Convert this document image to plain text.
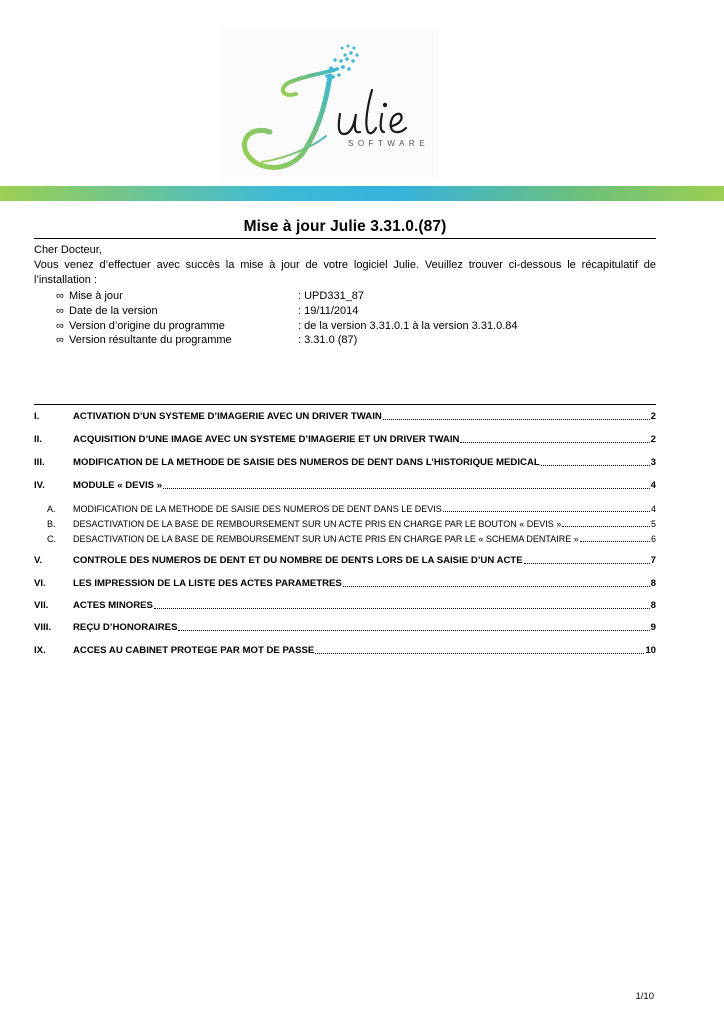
SOFTWARE
Mise à jour Julie 3.31.0.(87)

Cher Docteur,

Vous venez d’effectuer avec succès la mise à jour de votre logiciel Julie. Veuillez trouver ci-dessous le récapitulatif de l’installation :

∞ Mise à jour	: UPD331_87
∞ Date de la version	: 19/11/2014
∞ Version d’origine du programme	: de la version 3.31.0.1 à la version 3.31.0.84
∞ Version résultante du programme	: 3.31.0 (87)
I.	ACTIVATION D’UN SYSTEME D’IMAGERIE AVEC UN DRIVER TWAIN	2
II.	ACQUISITION D’UNE IMAGE AVEC UN SYSTEME D’IMAGERIE ET UN DRIVER TWAIN	2
III.	MODIFICATION DE LA METHODE DE SAISIE DES NUMEROS DE DENT DANS L’HISTORIQUE MEDICAL	3
IV.	MODULE « DEVIS »	4
A.	MODIFICATION DE LA METHODE DE SAISIE DES NUMEROS DE DENT DANS LE DEVIS	4
B.	DESACTIVATION DE LA BASE DE REMBOURSEMENT SUR UN ACTE PRIS EN CHARGE PAR LE BOUTON « DEVIS »	5
C.	DESACTIVATION DE LA BASE DE REMBOURSEMENT SUR UN ACTE PRIS EN CHARGE PAR LE « SCHEMA DENTAIRE »	6
V.	CONTROLE DES NUMEROS DE DENT ET DU NOMBRE DE DENTS LORS DE LA SAISIE D’UN ACTE	7
VI.	LES IMPRESSION DE LA LISTE DES ACTES PARAMETRES	8
VII.	ACTES MINORES	8
VIII.	REÇU D’HONORAIRES	9
IX.	ACCES AU CABINET PROTEGE PAR MOT DE PASSE	10
1/10
